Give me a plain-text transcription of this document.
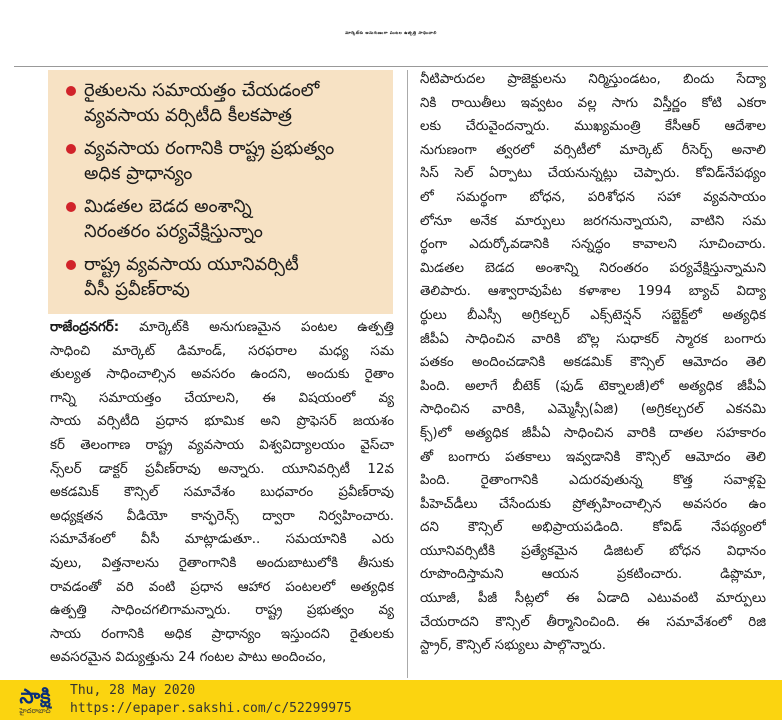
మార్కెట్‌కు అనుగుణంగా పంటల ఉత్పత్తి సాధించాలి
రైతులను సమాయత్తం చేయడంలో
వ్యవసాయ వర్సిటీది కీలకపాత్ర
వ్యవసాయ రంగానికి రాష్ట్ర ప్రభుత్వం
అధిక ప్రాధాన్యం
మిడతల బెడద అంశాన్ని
నిరంతరం పర్యవేక్షిస్తున్నాం
రాష్ట్ర వ్యవసాయ యూనివర్సిటీ
వీసీ ప్రవీణ్‌రావు
రాజేంద్రనగర్: మార్కెట్‌కి అనుగుణమైన పంటల ఉత్పత్తి
సాధించి మార్కెట్ డిమాండ్, సరఫరాల మధ్య సమ
తుల్యత సాధించాల్సిన అవసరం ఉందని, అందుకు రైతాం
గాన్ని సమాయత్తం చేయాలని, ఈ విషయంలో వ్య
సాయ వర్సిటీది ప్రధాన భూమిక అని ప్రొఫెసర్ జయశం
కర్ తెలంగాణ రాష్ట్ర వ్యవసాయ విశ్వవిద్యాలయం వైస్‌చా
న్స్‌లర్ డాక్టర్ ప్రవీణ్‌రావు అన్నారు. యూనివర్సిటీ 12వ
అకడమిక్ కౌన్సిల్ సమావేశం బుధవారం ప్రవీణ్‌రావు
అధ్యక్షతన వీడియో కాన్ఫరెన్స్ ద్వారా నిర్వహించారు.
సమావేశంలో వీసీ మాట్లాడుతూ.. సమయానికి ఎరు
వులు, విత్తనాలను రైతాంగానికి అందుబాటులోకి తీసుకు
రావడంతో వరి వంటి ప్రధాన ఆహార పంటలలో అత్యధిక
ఉత్పత్తి సాధించగలిగామన్నారు. రాష్ట్ర ప్రభుత్వం వ్య
సాయ రంగానికి అధిక ప్రాధాన్యం ఇస్తుందని రైతులకు
అవసరమైన విద్యుత్తును 24 గంటల పాటు అందించం,
నీటిపారుదల ప్రాజెక్టులను నిర్మిస్తుండటం, బిందు సేద్యా
నికి రాయితీలు ఇవ్వటం వల్ల సాగు విస్తీర్ణం కోటి ఎకరా
లకు చేరువైందన్నారు. ముఖ్యమంత్రి కేసీఆర్ ఆదేశాల
నుగుణంగా త్వరలో వర్సిటీలో మార్కెట్ రీసెర్చ్ అనాలి
సిస్ సెల్ ఏర్పాటు చేయనున్నట్లు చెప్పారు. కోవిడ్‌నేపథ్యం
లో సమర్థంగా బోధన, పరిశోధన సహా వ్యవసాయం
లోనూ అనేక మార్పులు జరగనున్నాయని, వాటిని సమ
ర్థంగా ఎదుర్కోవడానికి సన్నద్ధం కావాలని సూచించారు.
మిడతల బెడద అంశాన్ని నిరంతరం పర్యవేక్షిస్తున్నామని
తెలిపారు. ఆశ్వారావుపేట కళాశాల 1994 బ్యాచ్ విద్యా
ర్థులు బీఎస్సీ అగ్రికల్చర్ ఎక్స్‌టెన్షన్ సబ్జెక్ట్‌లో అత్యధిక
జీపీఏ సాధించిన వారికి బొల్ల సుధాకర్ స్మారక బంగారు
పతకం అందించడానికి అకడమిక్ కౌన్సిల్ ఆమోదం తెలి
పింది. అలాగే బీటెక్ (ఫుడ్ టెక్నాలజీ)లో అత్యధిక జీపీఏ
సాధించిన వారికి, ఎమ్మెస్సీ(ఏజి) (అగ్రికల్చరల్ ఎకనమి
క్స్)లో అత్యధిక జీపీఏ సాధించిన వారికి దాతల సహకారం
తో బంగారు పతకాలు ఇవ్వడానికి కౌన్సిల్ ఆమోదం తెలి
పింది. రైతాంగానికి ఎదురవుతున్న కొత్త సవాళ్లపై
పీహెచ్‌డీలు చేసేందుకు ప్రోత్సహించాల్సిన అవసరం ఉం
దని కౌన్సిల్ అభిప్రాయపడింది. కోవిడ్ నేపథ్యంలో
యూనివర్సిటీకి ప్రత్యేకమైన డిజిటల్ బోధన విధానం
రూపొందిస్తామని ఆయన ప్రకటించారు. డిప్లొమా,
యూజీ, పీజీ సీట్లలో ఈ ఏడాది ఎటువంటి మార్పులు
చేయరాదని కౌన్సిల్ తీర్మానించింది. ఈ సమావేశంలో రిజి
స్ట్రార్, కౌన్సిల్ సభ్యులు పాల్గొన్నారు.
సాక్షి
హైదరాబాద్
Thu, 28 May 2020
https://epaper.sakshi.com/c/52299975
